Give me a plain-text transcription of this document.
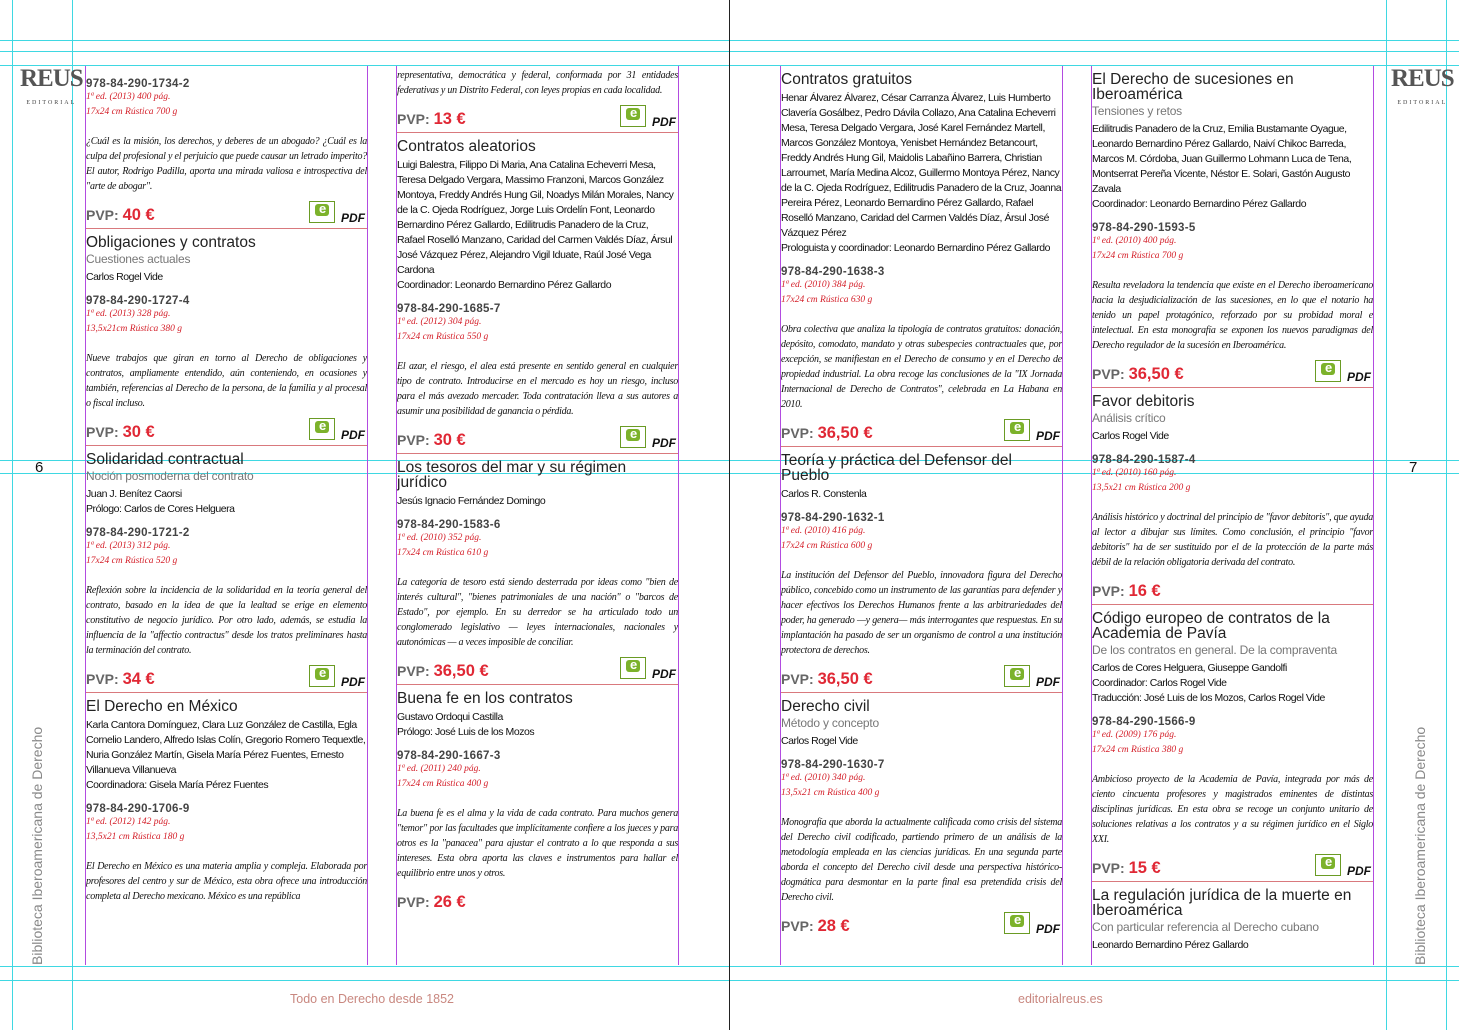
REUS
EDITORIAL
REUS
EDITORIAL
6	7
Biblioteca Iberoamericana de Derecho	Biblioteca Iberoamericana de Derecho
978-84-290-1734-2
1ª ed. (2013) 400 pág.
17x24 cm Rústica 700 g
¿Cuál es la misión, los derechos, y deberes de un abogado? ¿Cuál es la culpa del profesional y el perjuicio que puede causar un letrado imperito? El autor, Rodrigo Padilla, aporta una mirada valiosa e introspectiva del "arte de abogar".
PVP: 40 € e	PDF
Obligaciones y contratos
Cuestiones actuales
Carlos Rogel Vide
978-84-290-1727-4
1ª ed. (2013) 328 pág.
13,5x21cm Rústica 380 g
Nueve trabajos que giran en torno al Derecho de obligaciones y contratos, ampliamente entendido, aún conteniendo, en ocasiones y también, referencias al Derecho de la persona, de la familia y al procesal o fiscal incluso.
PVP: 30 € e	PDF
Solidaridad contractual
Noción posmoderna del contrato
Juan J. Benítez Caorsi
Prólogo: Carlos de Cores Helguera
978-84-290-1721-2
1ª ed. (2013) 312 pág.
17x24 cm Rústica 520 g
Reflexión sobre la incidencia de la solidaridad en la teoría general del contrato, basado en la idea de que la lealtad se erige en elemento constitutivo de negocio jurídico. Por otro lado, además, se estudia la influencia de la "affectio contractus" desde los tratos preliminares hasta la terminación del contrato.
PVP: 34 € e	PDF
El Derecho en México
Karla Cantora Domínguez, Clara Luz González de Castilla, Egla Cornelio Landero, Alfredo Islas Colín, Gregorio Romero Tequextle, Nuria González Martín, Gisela María Pérez Fuentes, Ernesto Villanueva Villanueva
Coordinadora: Gisela María Pérez Fuentes
978-84-290-1706-9
1ª ed. (2012) 142 pág.
13,5x21 cm Rústica 180 g
El Derecho en México es una materia amplia y compleja. Elaborada por profesores del centro y sur de México, esta obra ofrece una introducción completa al Derecho mexicano. México es una república
representativa, democrática y federal, conformada por 31 entidades federativas y un Distrito Federal, con leyes propias en cada localidad.
PVP: 13 € e	PDF
Contratos aleatorios
Luigi Balestra, Filippo Di Maria, Ana Catalina Echeverri Mesa, Teresa Delgado Vergara, Massimo Franzoni, Marcos González Montoya, Freddy Andrés Hung Gil, Noadys Milán Morales, Nancy de la C. Ojeda Rodríguez, Jorge Luis Ordelín Font, Leonardo Bernardino Pérez Gallardo, Edilitrudis Panadero de la Cruz, Rafael Roselló Manzano, Caridad del Carmen Valdés Díaz, Ársul José Vázquez Pérez, Alejandro Vigil Iduate, Raúl José Vega Cardona
Coordinador: Leonardo Bernardino Pérez Gallardo
978-84-290-1685-7
1ª ed. (2012) 304 pág.
17x24 cm Rústica 550 g
El azar, el riesgo, el alea está presente en sentido general en cualquier tipo de contrato. Introducirse en el mercado es hoy un riesgo, incluso para el más avezado mercader. Toda contratación lleva a sus autores a asumir una posibilidad de ganancia o pérdida.
PVP: 30 € e	PDF
Los tesoros del mar y su régimen jurídico
Jesús Ignacio Fernández Domingo
978-84-290-1583-6
1ª ed. (2010) 352 pág.
17x24 cm Rústica 610 g
La categoría de tesoro está siendo desterrada por ideas como "bien de interés cultural", "bienes patrimoniales de una nación" o "barcos de Estado", por ejemplo. En su derredor se ha articulado todo un conglomerado legislativo — leyes internacionales, nacionales y autonómicas — a veces imposible de conciliar.
PVP: 36,50 € e	PDF
Buena fe en los contratos
Gustavo Ordoqui Castilla
Prólogo: José Luis de los Mozos
978-84-290-1667-3
1ª ed. (2011) 240 pág.
17x24 cm Rústica 400 g
La buena fe es el alma y la vida de cada contrato. Para muchos genera "temor" por las facultades que implícitamente confiere a los jueces y para otros es la "panacea" para ajustar el contrato a lo que responda a sus intereses. Esta obra aporta las claves e instrumentos para hallar el equilibrio entre unos y otros.
PVP: 26 €
Contratos gratuitos
Henar Álvarez Álvarez, César Carranza Álvarez, Luis Humberto Clavería Gosálbez, Pedro Dávila Collazo, Ana Catalina Echeverri Mesa, Teresa Delgado Vergara, José Karel Fernández Martell, Marcos González Montoya, Yenisbet Hernández Betancourt, Freddy Andrés Hung Gil, Maidolis Labañino Barrera, Christian Larroumet, María Medina Alcoz, Guillermo Montoya Pérez, Nancy de la C. Ojeda Rodríguez, Edilitrudis Panadero de la Cruz, Joanna Pereira Pérez, Leonardo Bernardino Pérez Gallardo, Rafael Roselló Manzano, Caridad del Carmen Valdés Díaz, Ársul José Vázquez Pérez
Prologuista y coordinador: Leonardo Bernardino Pérez Gallardo
978-84-290-1638-3
1ª ed. (2010) 384 pág.
17x24 cm Rústica 630 g
Obra colectiva que analiza la tipología de contratos gratuitos: donación, depósito, comodato, mandato y otras subespecies contractuales que, por excepción, se manifiestan en el Derecho de consumo y en el Derecho de propiedad industrial. La obra recoge las conclusiones de la "IX Jornada Internacional de Derecho de Contratos", celebrada en La Habana en 2010.
PVP: 36,50 € e	PDF
Teoría y práctica del Defensor del Pueblo
Carlos R. Constenla
978-84-290-1632-1
1ª ed. (2010) 416 pág.
17x24 cm Rústica 600 g
La institución del Defensor del Pueblo, innovadora figura del Derecho público, concebido como un instrumento de las garantías para defender y hacer efectivos los Derechos Humanos frente a las arbitrariedades del poder, ha generado —y genera— más interrogantes que respuestas. En su implantación ha pasado de ser un organismo de control a una institución protectora de derechos.
PVP: 36,50 € e	PDF
Derecho civil
Método y concepto
Carlos Rogel Vide
978-84-290-1630-7
1ª ed. (2010) 340 pág.
13,5x21 cm Rústica 400 g
Monografía que aborda la actualmente calificada como crisis del sistema del Derecho civil codificado, partiendo primero de un análisis de la metodología empleada en las ciencias jurídicas. En una segunda parte aborda el concepto del Derecho civil desde una perspectiva histórico-dogmática para desmontar en la parte final esa pretendida crisis del Derecho civil.
PVP: 28 € e	PDF
El Derecho de sucesiones en Iberoamérica
Tensiones y retos
Edilitrudis Panadero de la Cruz, Emilia Bustamante Oyague, Leonardo Bernardino Pérez Gallardo, Naiví Chikoc Barreda, Marcos M. Córdoba, Juan Guillermo Lohmann Luca de Tena, Montserrat Pereña Vicente, Néstor E. Solari, Gastón Augusto Zavala
Coordinador: Leonardo Bernardino Pérez Gallardo
978-84-290-1593-5
1ª ed. (2010) 400 pág.
17x24 cm Rústica 700 g
Resulta reveladora la tendencia que existe en el Derecho iberoamericano hacia la desjudicialización de las sucesiones, en lo que el notario ha tenido un papel protagónico, reforzado por su probidad moral e intelectual. En esta monografía se exponen los nuevos paradigmas del Derecho regulador de la sucesión en Iberoamérica.
PVP: 36,50 € e	PDF
Favor debitoris
Análisis crítico
Carlos Rogel Vide
978-84-290-1587-4
1ª ed. (2010) 160 pág.
13,5x21 cm Rústica 200 g
Análisis histórico y doctrinal del principio de "favor debitoris", que ayuda al lector a dibujar sus límites. Como conclusión, el principio "favor debitoris" ha de ser sustituido por el de la protección de la parte más débil de la relación obligatoria derivada del contrato.
PVP: 16 €
Código europeo de contratos de la Academia de Pavía
De los contratos en general. De la compraventa
Carlos de Cores Helguera, Giuseppe Gandolfi
Coordinador: Carlos Rogel Vide
Traducción: José Luis de los Mozos, Carlos Rogel Vide
978-84-290-1566-9
1ª ed. (2009) 176 pág.
17x24 cm Rústica 380 g
Ambicioso proyecto de la Academia de Pavía, integrada por más de ciento cincuenta profesores y magistrados eminentes de distintas disciplinas jurídicas. En esta obra se recoge un conjunto unitario de soluciones relativas a los contratos y a su régimen jurídico en el Siglo XXI.
PVP: 15 € e	PDF
La regulación jurídica de la muerte en Iberoamérica
Con particular referencia al Derecho cubano
Leonardo Bernardino Pérez Gallardo
Todo en Derecho desde 1852	editorialreus.es
